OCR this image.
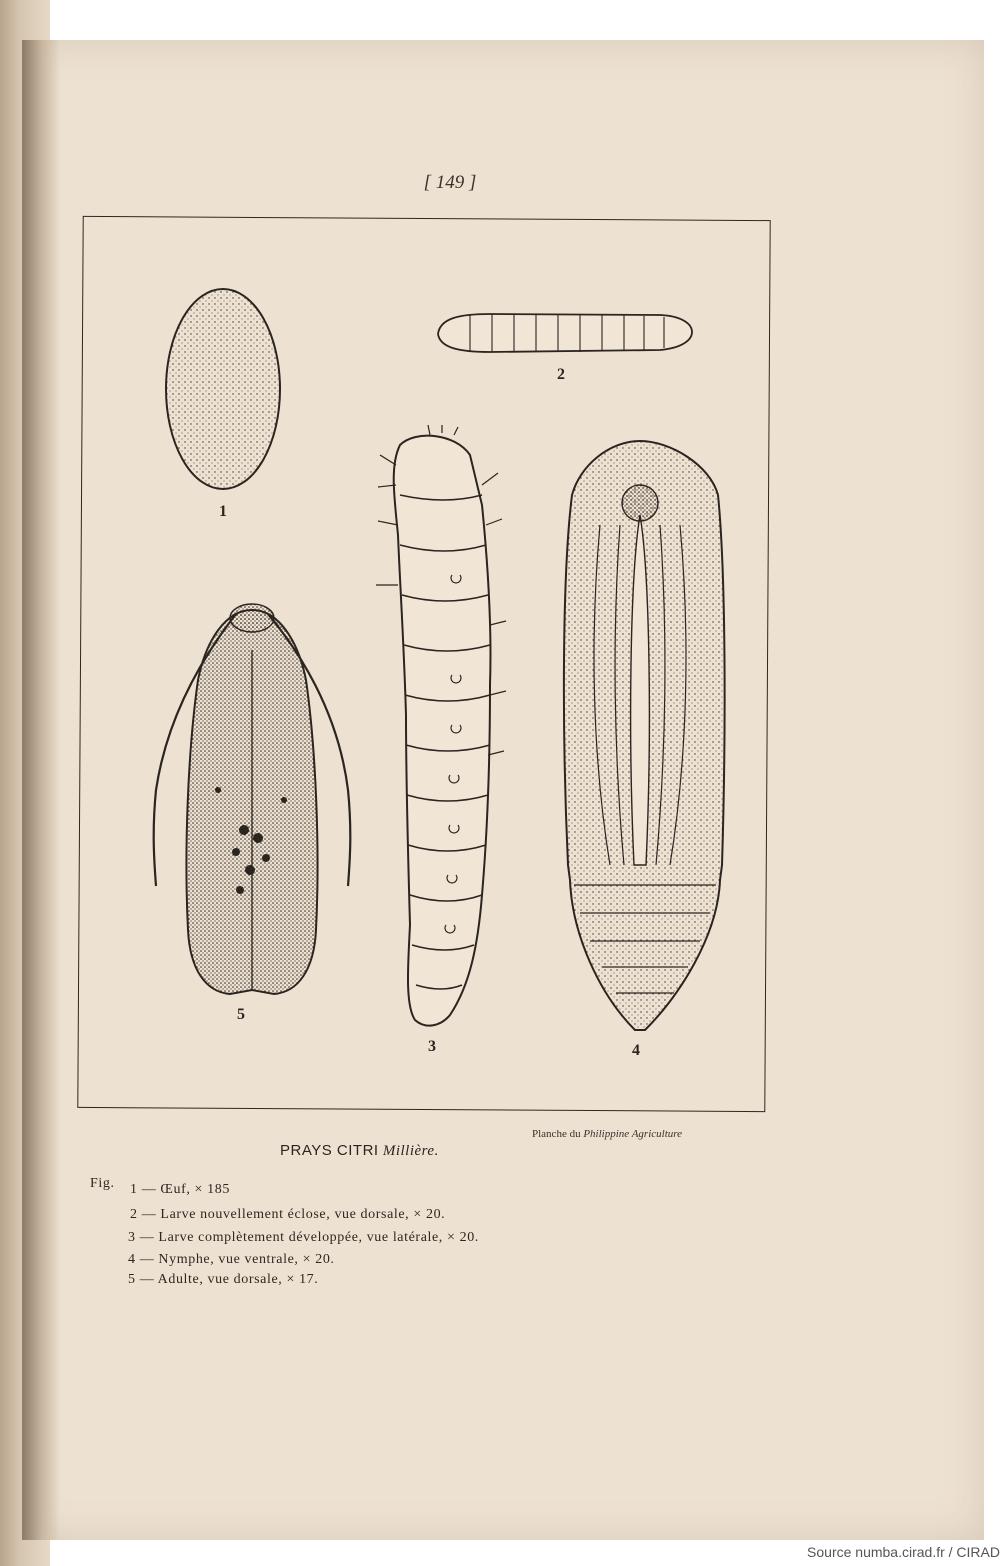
[ 149 ]
1
2
3	4
5
Planche du Philippine Agriculture
PRAYS CITRI Millière.
Fig. 1 — Œuf, × 185
2 — Larve nouvellement éclose, vue dorsale, × 20.
3 — Larve complètement développée, vue latérale, × 20.
4 — Nymphe, vue ventrale, × 20.
5 — Adulte, vue dorsale, × 17.
Source numba.cirad.fr / CIRAD
